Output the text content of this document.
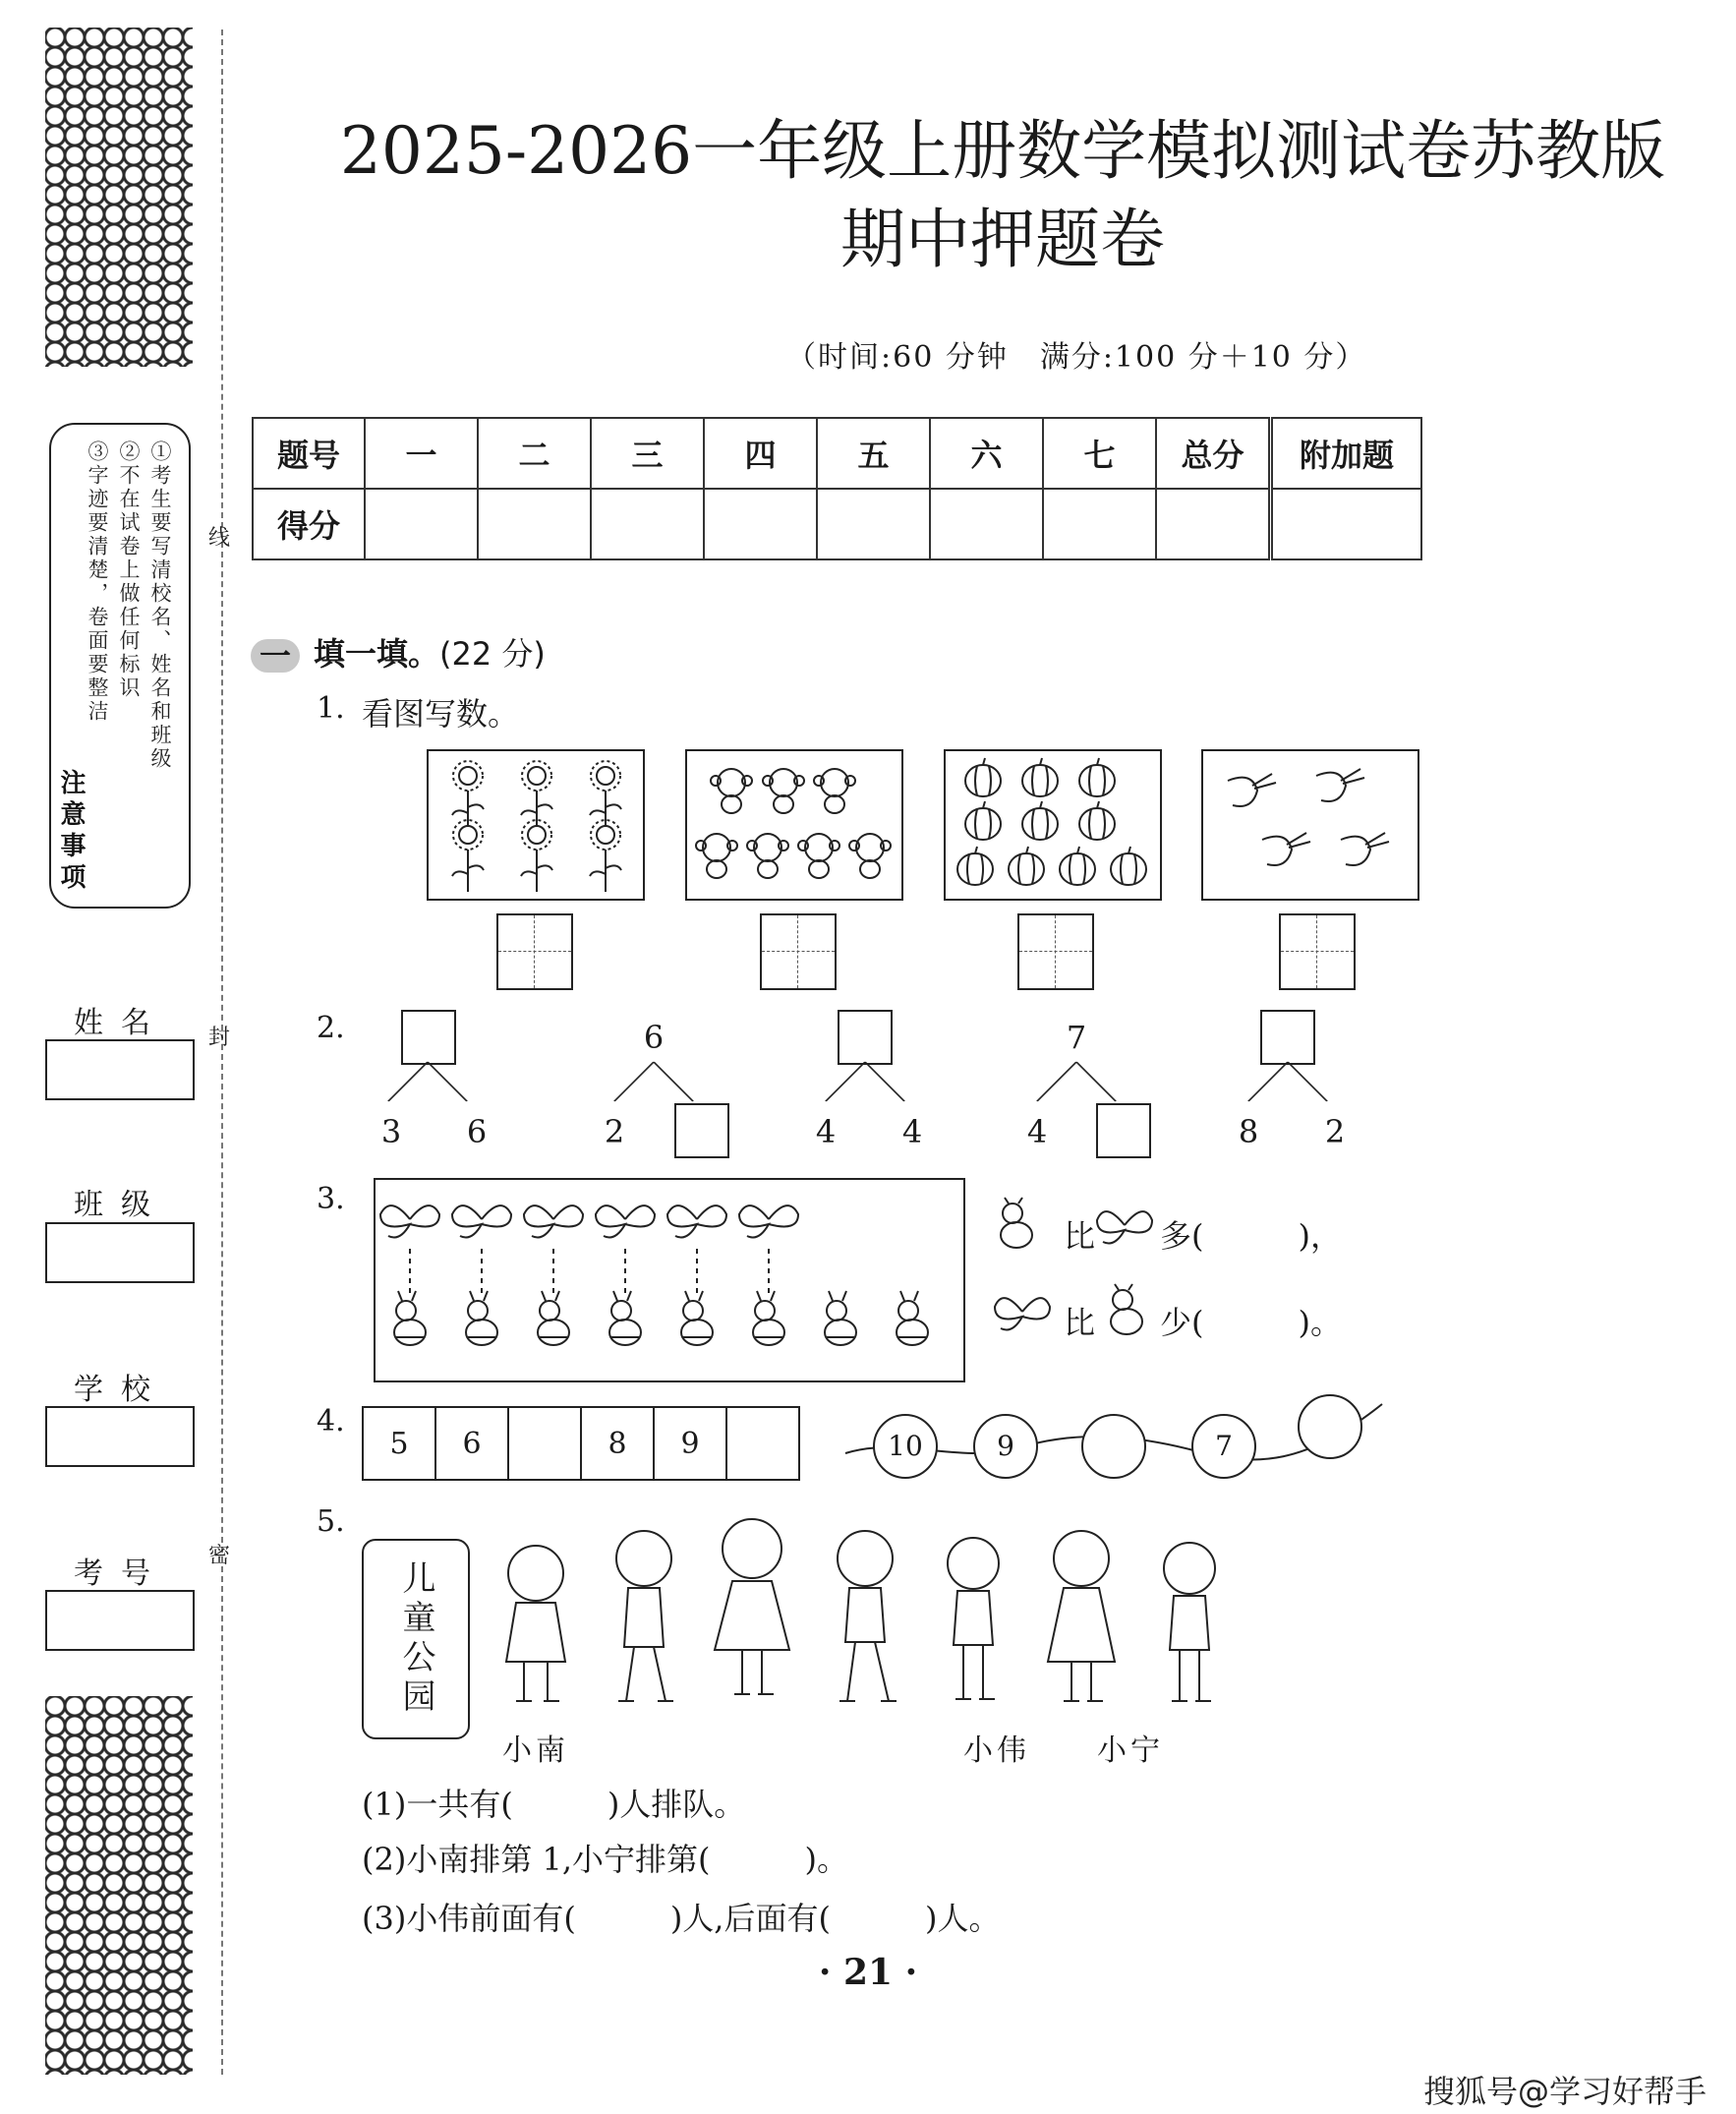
线
封
密
①考生要写清校名、姓名和班级
②不在试卷上做任何标识
③字迹要清楚，卷面要整洁
注意事项
姓名
班级
学校
考号
2025-2026一年级上册数学模拟测试卷苏教版
期中押题卷
（时间:60 分钟　满分:100 分＋10 分）
题号	一	二	三	四	五	六	七	总分	附加题
得分									
一 填一填。(22 分)
1. 看图写数。
2.
3	6
6
2	4	4
7
4	8	2
3.
比 多(　　　)，
比 少(　　　)。
4.
5	6		8	9		10	9	7
5.
儿童公园
小南	小伟 小宁
(1)一共有(　　　)人排队。
(2)小南排第 1,小宁排第(　　　)。
(3)小伟前面有(　　　)人,后面有(　　　)人。
· 21 ·
搜狐号@学习好帮手
